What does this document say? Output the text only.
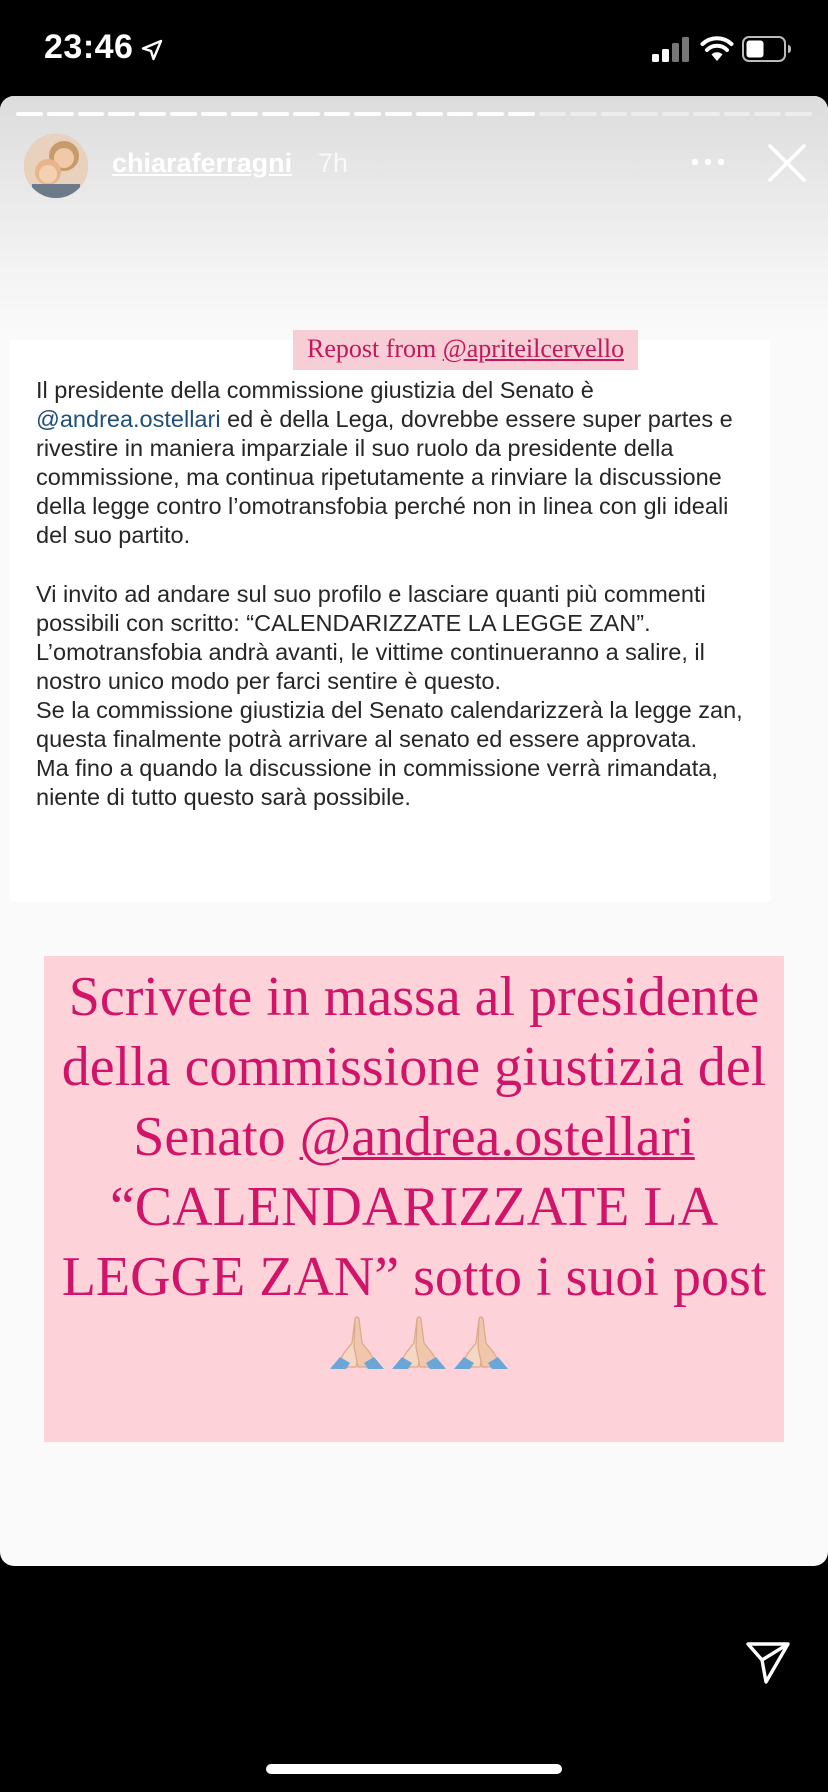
23:46
chiaraferragni 7h
Repost from @apriteilcervello

Il presidente della commissione giustizia del Senato è @andrea.ostellari ed è della Lega, dovrebbe essere super partes e rivestire in maniera imparziale il suo ruolo da presidente della commissione, ma continua ripetutamente a rinviare la discussione della legge contro l’omotransfobia perché non in linea con gli ideali del suo partito.

Vi invito ad andare sul suo profilo e lasciare quanti più commenti possibili con scritto: “CALENDARIZZATE LA LEGGE ZAN”.

L’omotransfobia andrà avanti, le vittime continueranno a salire, il nostro unico modo per farci sentire è questo.

Se la commissione giustizia del Senato calendarizzerà la legge zan, questa finalmente potrà arrivare al senato ed essere approvata.

Ma fino a quando la discussione in commissione verrà rimandata, niente di tutto questo sarà possibile.

Scrivete in massa al presidente della commissione giustizia del Senato @andrea.ostellari “CALENDARIZZATE LA LEGGE ZAN” sotto i suoi post
